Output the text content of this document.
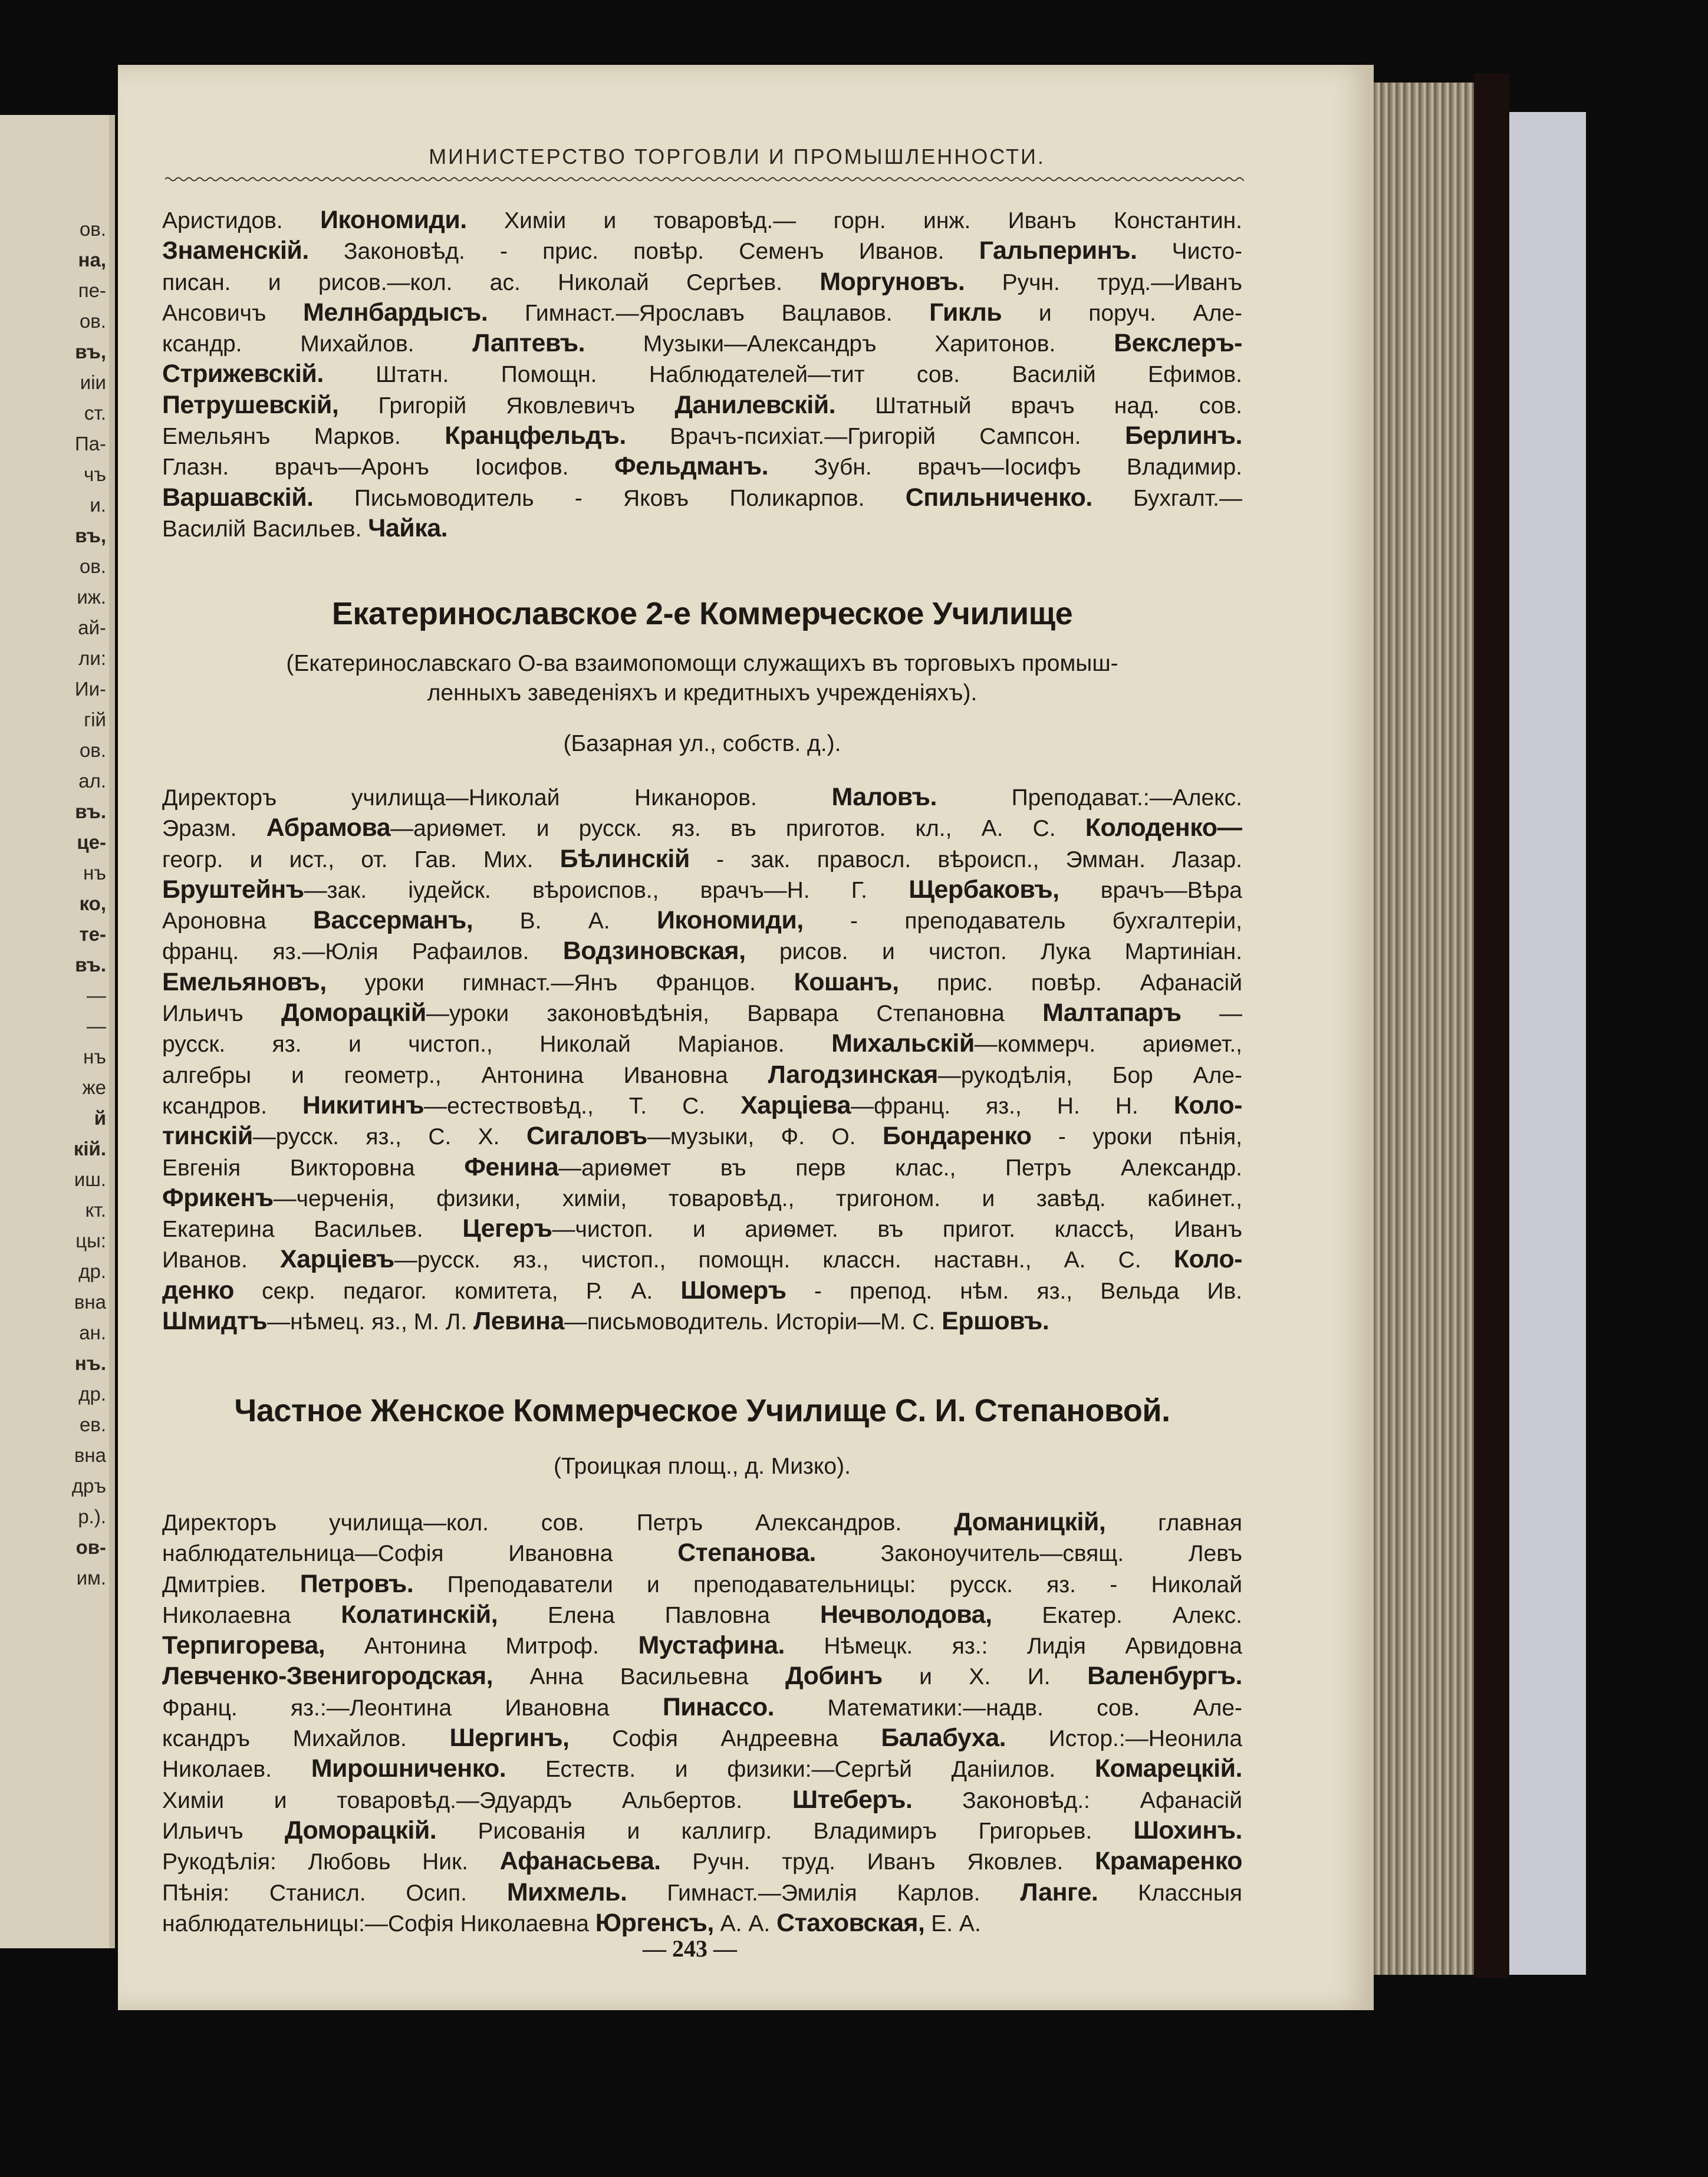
ов.
на,
пе-
ов.
въ,
иiи
ст.
Па-
чъ
и.
въ,
ов.
иж.
ай-
ли:
Ии-
гiй
ов.
ал.
въ.
це-
нъ
ко,
те-
въ.
—
—
нъ
же
й
кiй.
иш.
кт.
цы:
др.
вна
ан.
нъ.
др.
ев.
вна
дръ
р.).
ов-
им.
МИНИСТЕРСТВО ТОРГОВЛИ И ПРОМЫШЛЕННОСТИ.
Аристидов. Икономиди. Химiи и товаровѣд.— горн. инж. Иванъ Константин.
Знаменскiй. Законовѣд. - прис. повѣр. Семенъ Иванов. Гальперинъ. Чисто-
писан. и рисов.—кол. ас. Николай Сергѣев. Моргуновъ. Ручн. труд.—Иванъ
Ансовичъ Мелнбардысъ. Гимнаст.—Ярославъ Вацлавов. Гикль и поруч. Але-
ксандр. Михайлов. Лаптевъ. Музыки—Александръ Харитонов. Векслеръ-
Стрижевскiй. Штатн. Помощн. Наблюдателей—тит сов. Василiй Ефимов.
Петрушевскiй, Григорiй Яковлевичъ Данилевскiй. Штатный врачъ над. сов.
Емельянъ Марков. Кранцфельдъ. Врачъ-психiат.—Григорiй Сампсон. Берлинъ.
Глазн. врачъ—Аронъ Iосифов. Фельдманъ. Зубн. врачъ—Iосифъ Владимир.
Варшавскiй. Письмоводитель - Яковъ Поликарпов. Спильниченко. Бухгалт.—
Василiй Васильев. Чайка.
Екатеринославское 2-е Коммерческое Училище
(Екатеринославскаго О-ва взаимопомощи служащихъ въ торговыхъ промыш-
ленныхъ заведенiяхъ и кредитныхъ учрежденiяхъ).
(Базарная ул., собств. д.).
Директоръ училища—Николай Никаноров. Маловъ. Преподават.:—Алекс.
Эразм. Абрамова—ариѳмет. и русск. яз. въ приготов. кл., А. С. Колоденко—
геогр. и ист., от. Гав. Мих. Бѣлинскiй - зак. правосл. вѣроисп., Эмман. Лазар.
Бруштейнъ—зак. iудейск. вѣроиспов., врачъ—Н. Г. Щербаковъ, врачъ—Вѣра
Ароновна Вассерманъ, В. А. Икономиди, - преподаватель бухгалтерiи,
франц. яз.—Юлiя Рафаилов. Водзиновская, рисов. и чистоп. Лука Мартинiан.
Емельяновъ, уроки гимнаст.—Янъ Францов. Кошанъ, прис. повѣр. Афанасiй
Ильичъ Доморацкiй—уроки законовѣдѣнiя, Варвара Степановна Малтапаръ —
русск. яз. и чистоп., Николай Марiанов. Михальскiй—коммерч. ариѳмет.,
алгебры и геометр., Антонина Ивановна Лагодзинская—рукодѣлiя, Бор Але-
ксандров. Никитинъ—естествовѣд., Т. С. Харцiева—франц. яз., Н. Н. Коло-
тинскiй—русск. яз., С. Х. Сигаловъ—музыки, Ф. О. Бондаренко - уроки пѣнiя,
Евгенiя Викторовна Фенина—ариѳмет въ перв клас., Петръ Александр.
Фрикенъ—черченiя, физики, химiи, товаровѣд., тригоном. и завѣд. кабинет.,
Екатерина Васильев. Цегеръ—чистоп. и ариѳмет. въ пригот. классѣ, Иванъ
Иванов. Харцiевъ—русск. яз., чистоп., помощн. классн. наставн., А. С. Коло-
денко секр. педагог. комитета, Р. А. Шомеръ - препод. нѣм. яз., Вельда Ив.
Шмидтъ—нѣмец. яз., М. Л. Левина—письмоводитель. Исторiи—М. С. Ершовъ.
Частное Женское Коммерческое Училище С. И. Степановой.
(Троицкая площ., д. Мизко).
Директоръ училища—кол. сов. Петръ Александров. Доманицкiй, главная
наблюдательница—Софiя Ивановна Степанова. Законоучитель—свящ. Левъ
Дмитрiев. Петровъ. Преподаватели и преподавательницы: русск. яз. - Николай
Николаевна Колатинскiй, Елена Павловна Нечволодова, Екатер. Алекс.
Терпигорева, Антонина Митроф. Мустафина. Нѣмецк. яз.: Лидiя Арвидовна
Левченко-Звенигородская, Анна Васильевна Добинъ и Х. И. Валенбургъ.
Франц. яз.:—Леонтина Ивановна Пинассо. Математики:—надв. сов. Але-
ксандръ Михайлов. Шергинъ, Софiя Андреевна Балабуха. Истор.:—Неонила
Николаев. Мирошниченко. Естеств. и физики:—Сергѣй Данiилов. Комарецкiй.
Химiи и товаровѣд.—Эдуардъ Альбертов. Штеберъ. Законовѣд.: Афанасiй
Ильичъ Доморацкiй. Рисованiя и каллигр. Владимиръ Григорьев. Шохинъ.
Рукодѣлiя: Любовь Ник. Афанасьева. Ручн. труд. Иванъ Яковлев. Крамаренко
Пѣнiя: Станисл. Осип. Михмель. Гимнаст.—Эмилiя Карлов. Ланге. Классныя
наблюдательницы:—Софiя Николаевна Юргенсъ, А. А. Стаховская, Е. А.
— 243 —
